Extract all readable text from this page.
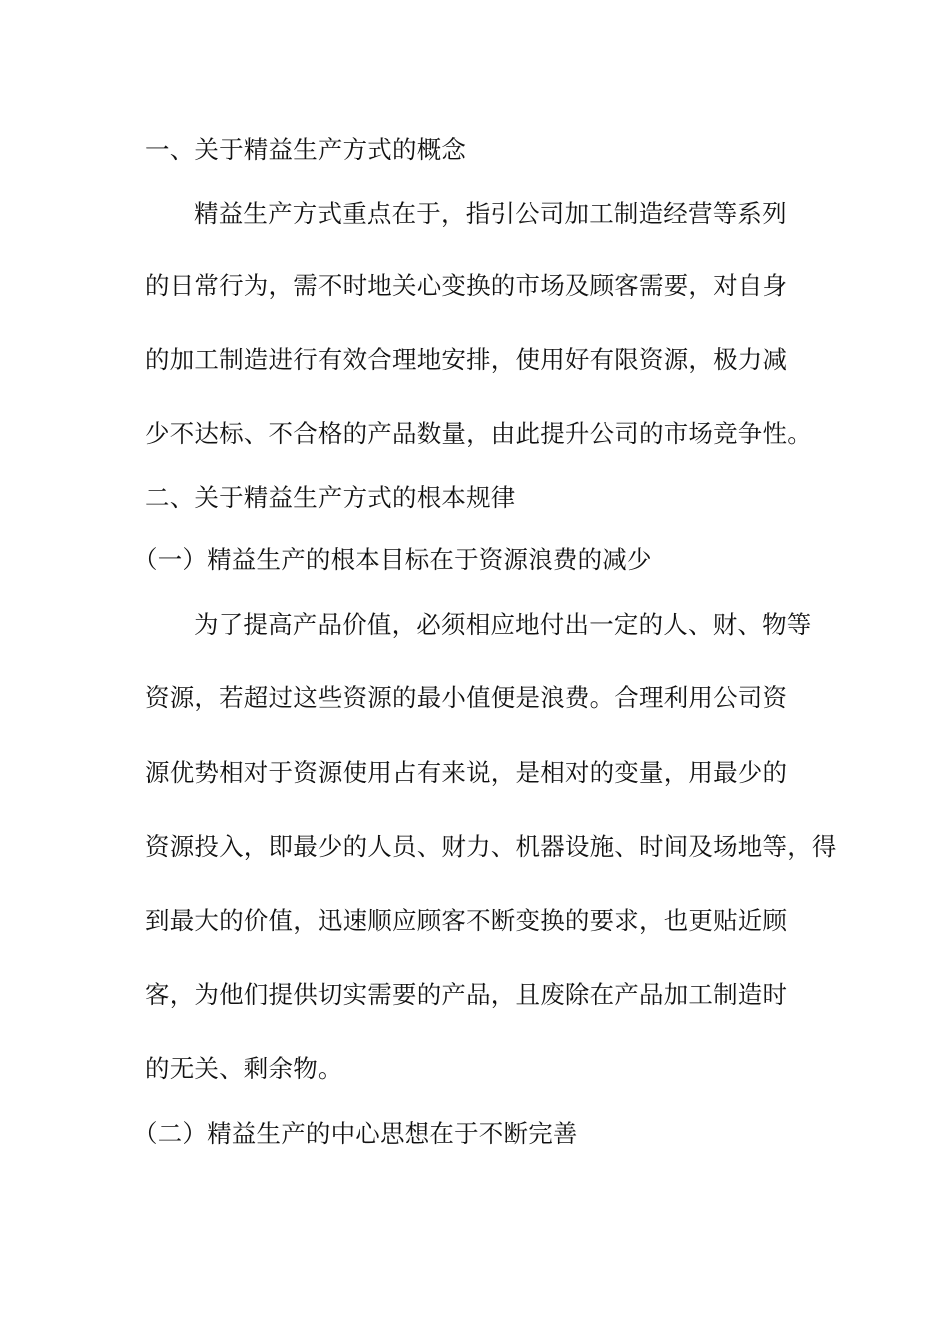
一、关于精益生产方式的概念
精益生产方式重点在于，指引公司加工制造经营等系列
的日常行为，需不时地关心变换的市场及顾客需要，对自身
的加工制造进行有效合理地安排，使用好有限资源，极力减
少不达标、不合格的产品数量，由此提升公司的市场竞争性。
二、关于精益生产方式的根本规律
（一）精益生产的根本目标在于资源浪费的减少
为了提高产品价值，必须相应地付出一定的人、财、物等
资源，若超过这些资源的最小值便是浪费。合理利用公司资
源优势相对于资源使用占有来说，是相对的变量，用最少的
资源投入，即最少的人员、财力、机器设施、时间及场地等，得
到最大的价值，迅速顺应顾客不断变换的要求，也更贴近顾
客，为他们提供切实需要的产品，且废除在产品加工制造时
的无关、剩余物。
（二）精益生产的中心思想在于不断完善
